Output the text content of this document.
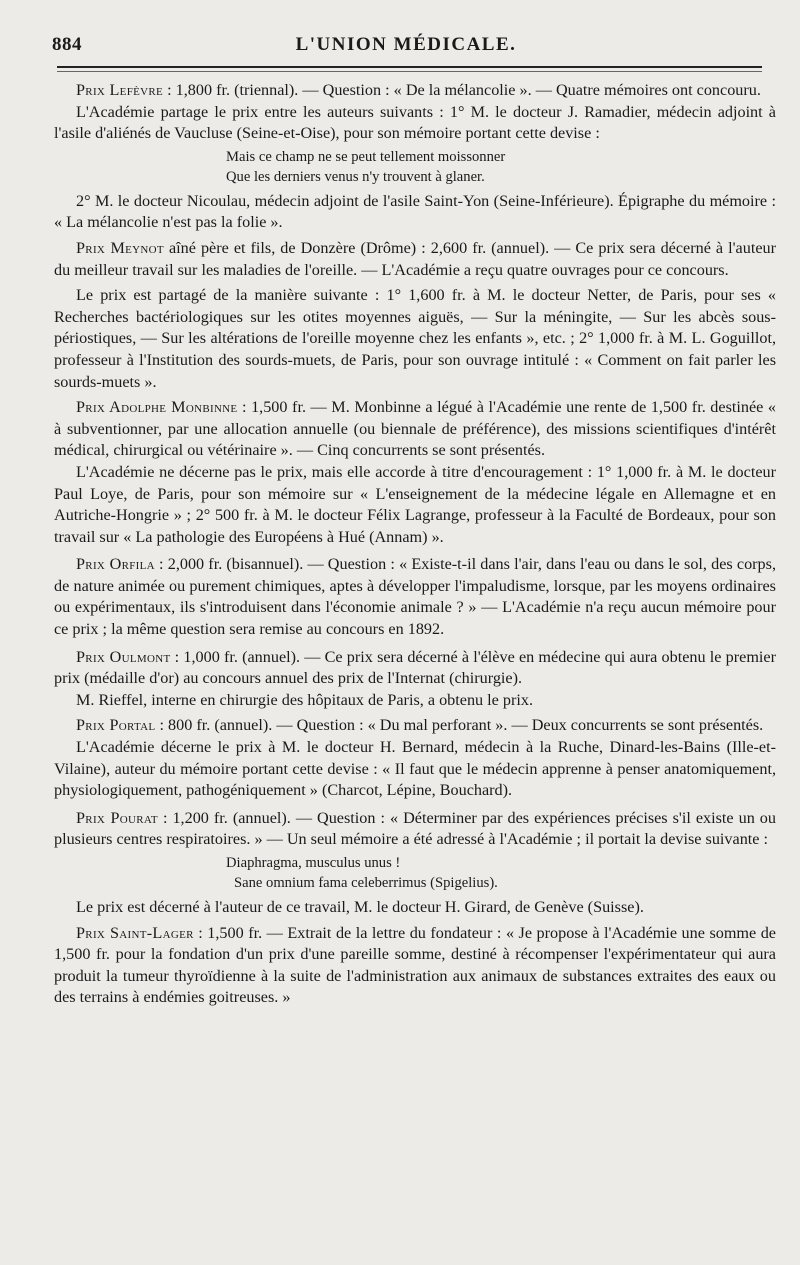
884	L'UNION MÉDICALE.

Prix Lefèvre : 1,800 fr. (triennal). — Question : « De la mélancolie ». — Quatre mémoires ont concouru.

L'Académie partage le prix entre les auteurs suivants : 1° M. le docteur J. Ramadier, médecin adjoint à l'asile d'aliénés de Vaucluse (Seine-et-Oise), pour son mémoire portant cette devise :

Mais ce champ ne se peut tellement moissonner

Que les derniers venus n'y trouvent à glaner.

2° M. le docteur Nicoulau, médecin adjoint de l'asile Saint-Yon (Seine-Inférieure). Épigraphe du mémoire : « La mélancolie n'est pas la folie ».

Prix Meynot aîné père et fils, de Donzère (Drôme) : 2,600 fr. (annuel). — Ce prix sera décerné à l'auteur du meilleur travail sur les maladies de l'oreille. — L'Académie a reçu quatre ouvrages pour ce concours.

Le prix est partagé de la manière suivante : 1° 1,600 fr. à M. le docteur Netter, de Paris, pour ses « Recherches bactériologiques sur les otites moyennes aiguës, — Sur la méningite, — Sur les abcès sous-périostiques, — Sur les altérations de l'oreille moyenne chez les enfants », etc. ; 2° 1,000 fr. à M. L. Goguillot, professeur à l'Institution des sourds-muets, de Paris, pour son ouvrage intitulé : « Comment on fait parler les sourds-muets ».

Prix Adolphe Monbinne : 1,500 fr. — M. Monbinne a légué à l'Académie une rente de 1,500 fr. destinée « à subventionner, par une allocation annuelle (ou biennale de préférence), des missions scientifiques d'intérêt médical, chirurgical ou vétérinaire ». — Cinq concurrents se sont présentés.

L'Académie ne décerne pas le prix, mais elle accorde à titre d'encouragement : 1° 1,000 fr. à M. le docteur Paul Loye, de Paris, pour son mémoire sur « L'enseignement de la médecine légale en Allemagne et en Autriche-Hongrie » ; 2° 500 fr. à M. le docteur Félix Lagrange, professeur à la Faculté de Bordeaux, pour son travail sur « La pathologie des Européens à Hué (Annam) ».

Prix Orfila : 2,000 fr. (bisannuel). — Question : « Existe-t-il dans l'air, dans l'eau ou dans le sol, des corps, de nature animée ou purement chimiques, aptes à développer l'impaludisme, lorsque, par les moyens ordinaires ou expérimentaux, ils s'introduisent dans l'économie animale ? » — L'Académie n'a reçu aucun mémoire pour ce prix ; la même question sera remise au concours en 1892.

Prix Oulmont : 1,000 fr. (annuel). — Ce prix sera décerné à l'élève en médecine qui aura obtenu le premier prix (médaille d'or) au concours annuel des prix de l'Internat (chirurgie).

M. Rieffel, interne en chirurgie des hôpitaux de Paris, a obtenu le prix.

Prix Portal : 800 fr. (annuel). — Question : « Du mal perforant ». — Deux concurrents se sont présentés.

L'Académie décerne le prix à M. le docteur H. Bernard, médecin à la Ruche, Dinard-les-Bains (Ille-et-Vilaine), auteur du mémoire portant cette devise : « Il faut que le médecin apprenne à penser anatomiquement, physiologiquement, pathogéniquement » (Charcot, Lépine, Bouchard).

Prix Pourat : 1,200 fr. (annuel). — Question : « Déterminer par des expériences précises s'il existe un ou plusieurs centres respiratoires. » — Un seul mémoire a été adressé à l'Académie ; il portait la devise suivante :

Diaphragma, musculus unus !

Sane omnium fama celeberrimus (Spigelius).

Le prix est décerné à l'auteur de ce travail, M. le docteur H. Girard, de Genève (Suisse).

Prix Saint-Lager : 1,500 fr. — Extrait de la lettre du fondateur : « Je propose à l'Académie une somme de 1,500 fr. pour la fondation d'un prix d'une pareille somme, destiné à récompenser l'expérimentateur qui aura produit la tumeur thyroïdienne à la suite de l'administration aux animaux de substances extraites des eaux ou des terrains à endémies goitreuses. »
